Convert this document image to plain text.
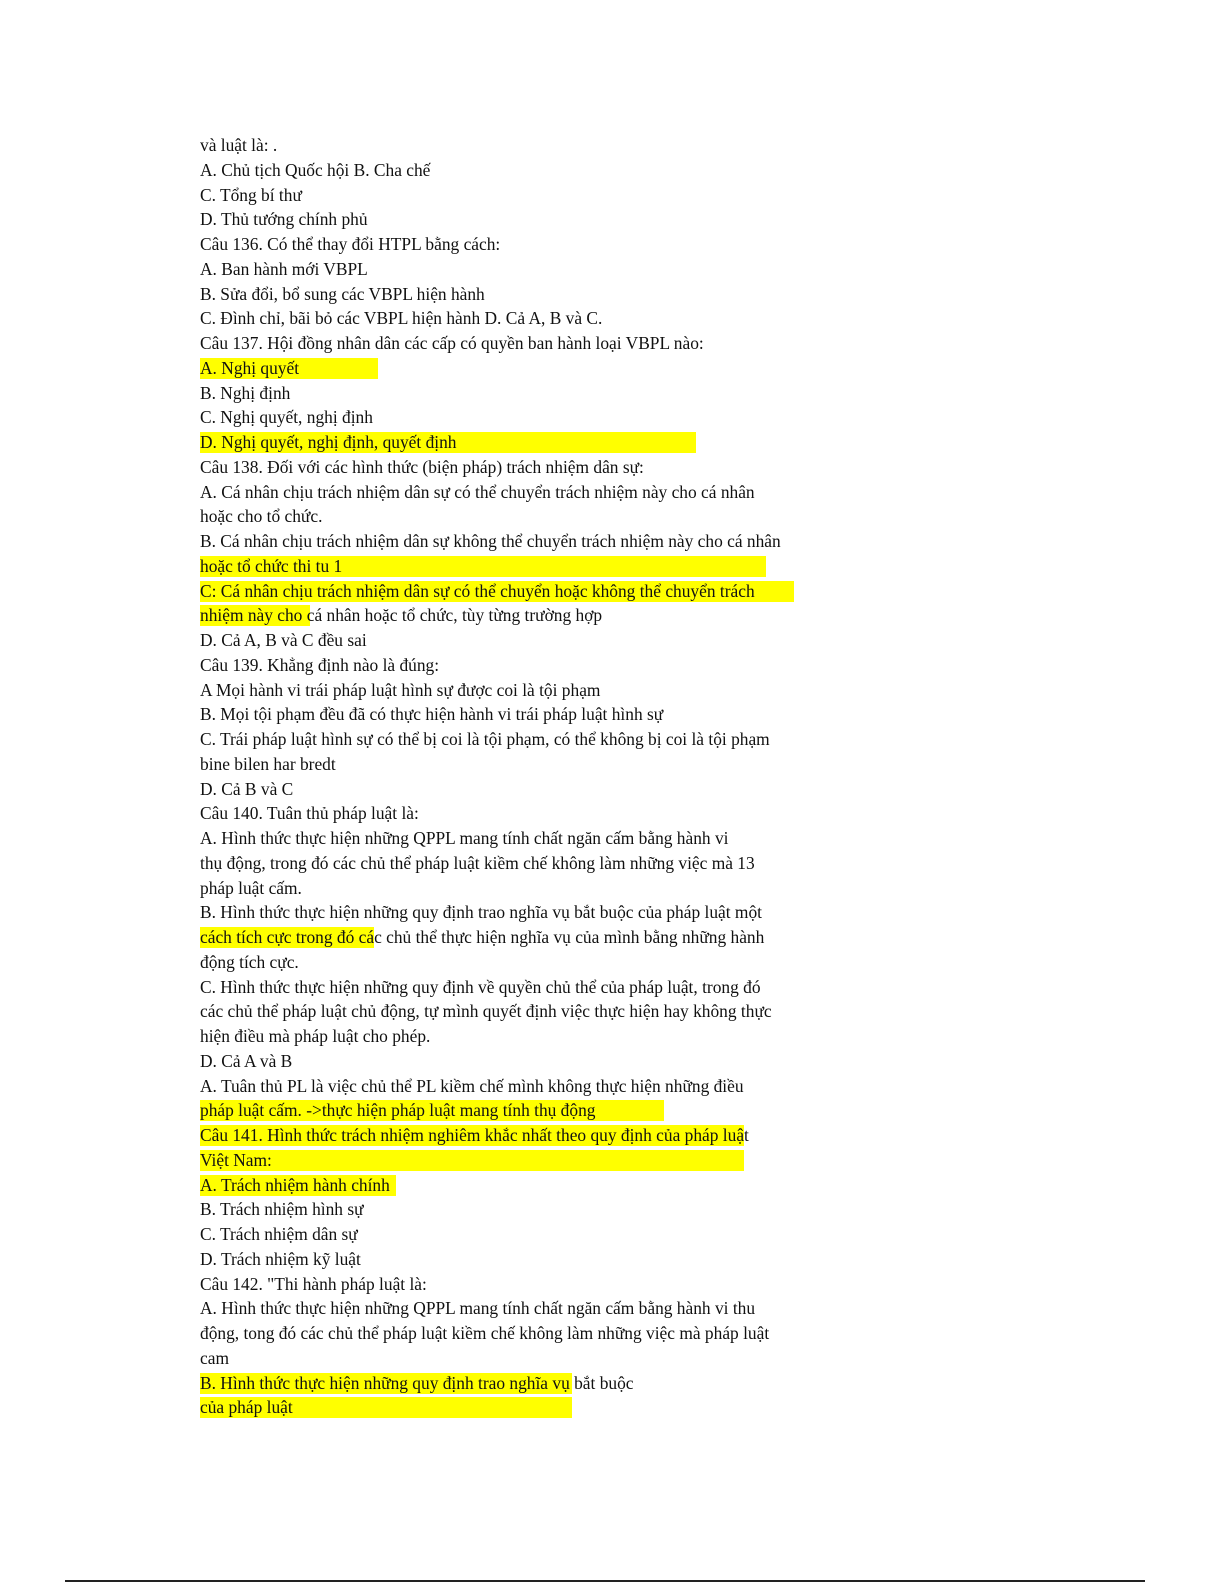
và luật là: .
A. Chủ tịch Quốc hội B. Cha chế
C. Tổng bí thư
D. Thủ tướng chính phủ
Câu 136. Có thể thay đổi HTPL bằng cách:
A. Ban hành mới VBPL
B. Sửa đổi, bổ sung các VBPL hiện hành
C. Đình chỉ, bãi bỏ các VBPL hiện hành D. Cả A, B và C.
Câu 137. Hội đồng nhân dân các cấp có quyền ban hành loại VBPL nào:
A. Nghị quyết
B. Nghị định
C. Nghị quyết, nghị định
D. Nghị quyết, nghị định, quyết định
Câu 138. Đối với các hình thức (biện pháp) trách nhiệm dân sự:
A. Cá nhân chịu trách nhiệm dân sự có thể chuyển trách nhiệm này cho cá nhân
hoặc cho tổ chức.
B. Cá nhân chịu trách nhiệm dân sự không thể chuyển trách nhiệm này cho cá nhân
hoặc tổ chức thi tu 1
C: Cá nhân chịu trách nhiệm dân sự có thể chuyển hoặc không thể chuyển trách
nhiệm này cho cá nhân hoặc tổ chức, tùy từng trường hợp
D. Cả A, B và C đều sai
Câu 139. Khẳng định nào là đúng:
A Mọi hành vi trái pháp luật hình sự được coi là tội phạm
B. Mọi tội phạm đều đã có thực hiện hành vi trái pháp luật hình sự
C. Trái pháp luật hình sự có thể bị coi là tội phạm, có thể không bị coi là tội phạm
bine bilen har bredt
D. Cả B và C
Câu 140. Tuân thủ pháp luật là:
A. Hình thức thực hiện những QPPL mang tính chất ngăn cấm bằng hành vi
thụ động, trong đó các chủ thể pháp luật kiềm chế không làm những việc mà 13
pháp luật cấm.
B. Hình thức thực hiện những quy định trao nghĩa vụ bắt buộc của pháp luật một
cách tích cực trong đó các chủ thể thực hiện nghĩa vụ của mình bằng những hành
động tích cực.
C. Hình thức thực hiện những quy định về quyền chủ thể của pháp luật, trong đó
các chủ thể pháp luật chủ động, tự mình quyết định việc thực hiện hay không thực
hiện điều mà pháp luật cho phép.
D. Cả A và B
A. Tuân thủ PL là việc chủ thể PL kiềm chế mình không thực hiện những điều
pháp luật cấm. ->thực hiện pháp luật mang tính thụ động
Câu 141. Hình thức trách nhiệm nghiêm khắc nhất theo quy định của pháp luật
Việt Nam:
A. Trách nhiệm hành chính
B. Trách nhiệm hình sự
C. Trách nhiệm dân sự
D. Trách nhiệm kỹ luật
Câu 142. "Thi hành pháp luật là:
A. Hình thức thực hiện những QPPL mang tính chất ngăn cấm bằng hành vi thu
động, tong đó các chủ thể pháp luật kiềm chế không làm những việc mà pháp luật
cam
B. Hình thức thực hiện những quy định trao nghĩa vụ bắt buộc
của pháp luật
